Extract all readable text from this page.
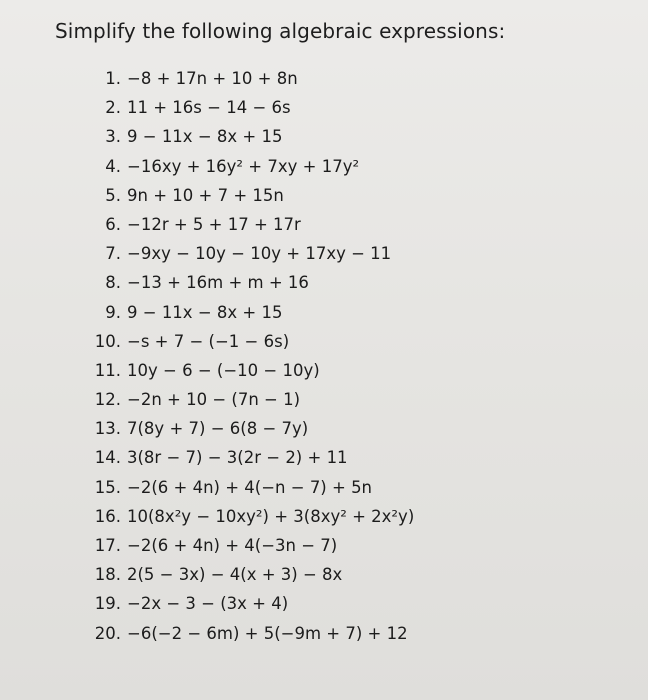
Simplify the following algebraic expressions:
1. −8 + 17n + 10 + 8n
2. 11 + 16s − 14 − 6s
3. 9 − 11x − 8x + 15
4. −16xy + 16y² + 7xy + 17y²
5. 9n + 10 + 7 + 15n
6. −12r + 5 + 17 + 17r
7. −9xy − 10y − 10y + 17xy − 11
8. −13 + 16m + m + 16
9. 9 − 11x − 8x + 15
10. −s + 7 − (−1 − 6s)
11. 10y − 6 − (−10 − 10y)
12. −2n + 10 − (7n − 1)
13. 7(8y + 7) − 6(8 − 7y)
14. 3(8r − 7) − 3(2r − 2) + 11
15. −2(6 + 4n) + 4(−n − 7) + 5n
16. 10(8x²y − 10xy²) + 3(8xy² + 2x²y)
17. −2(6 + 4n) + 4(−3n − 7)
18. 2(5 − 3x) − 4(x + 3) − 8x
19. −2x − 3 − (3x + 4)
20. −6(−2 − 6m) + 5(−9m + 7) + 12
